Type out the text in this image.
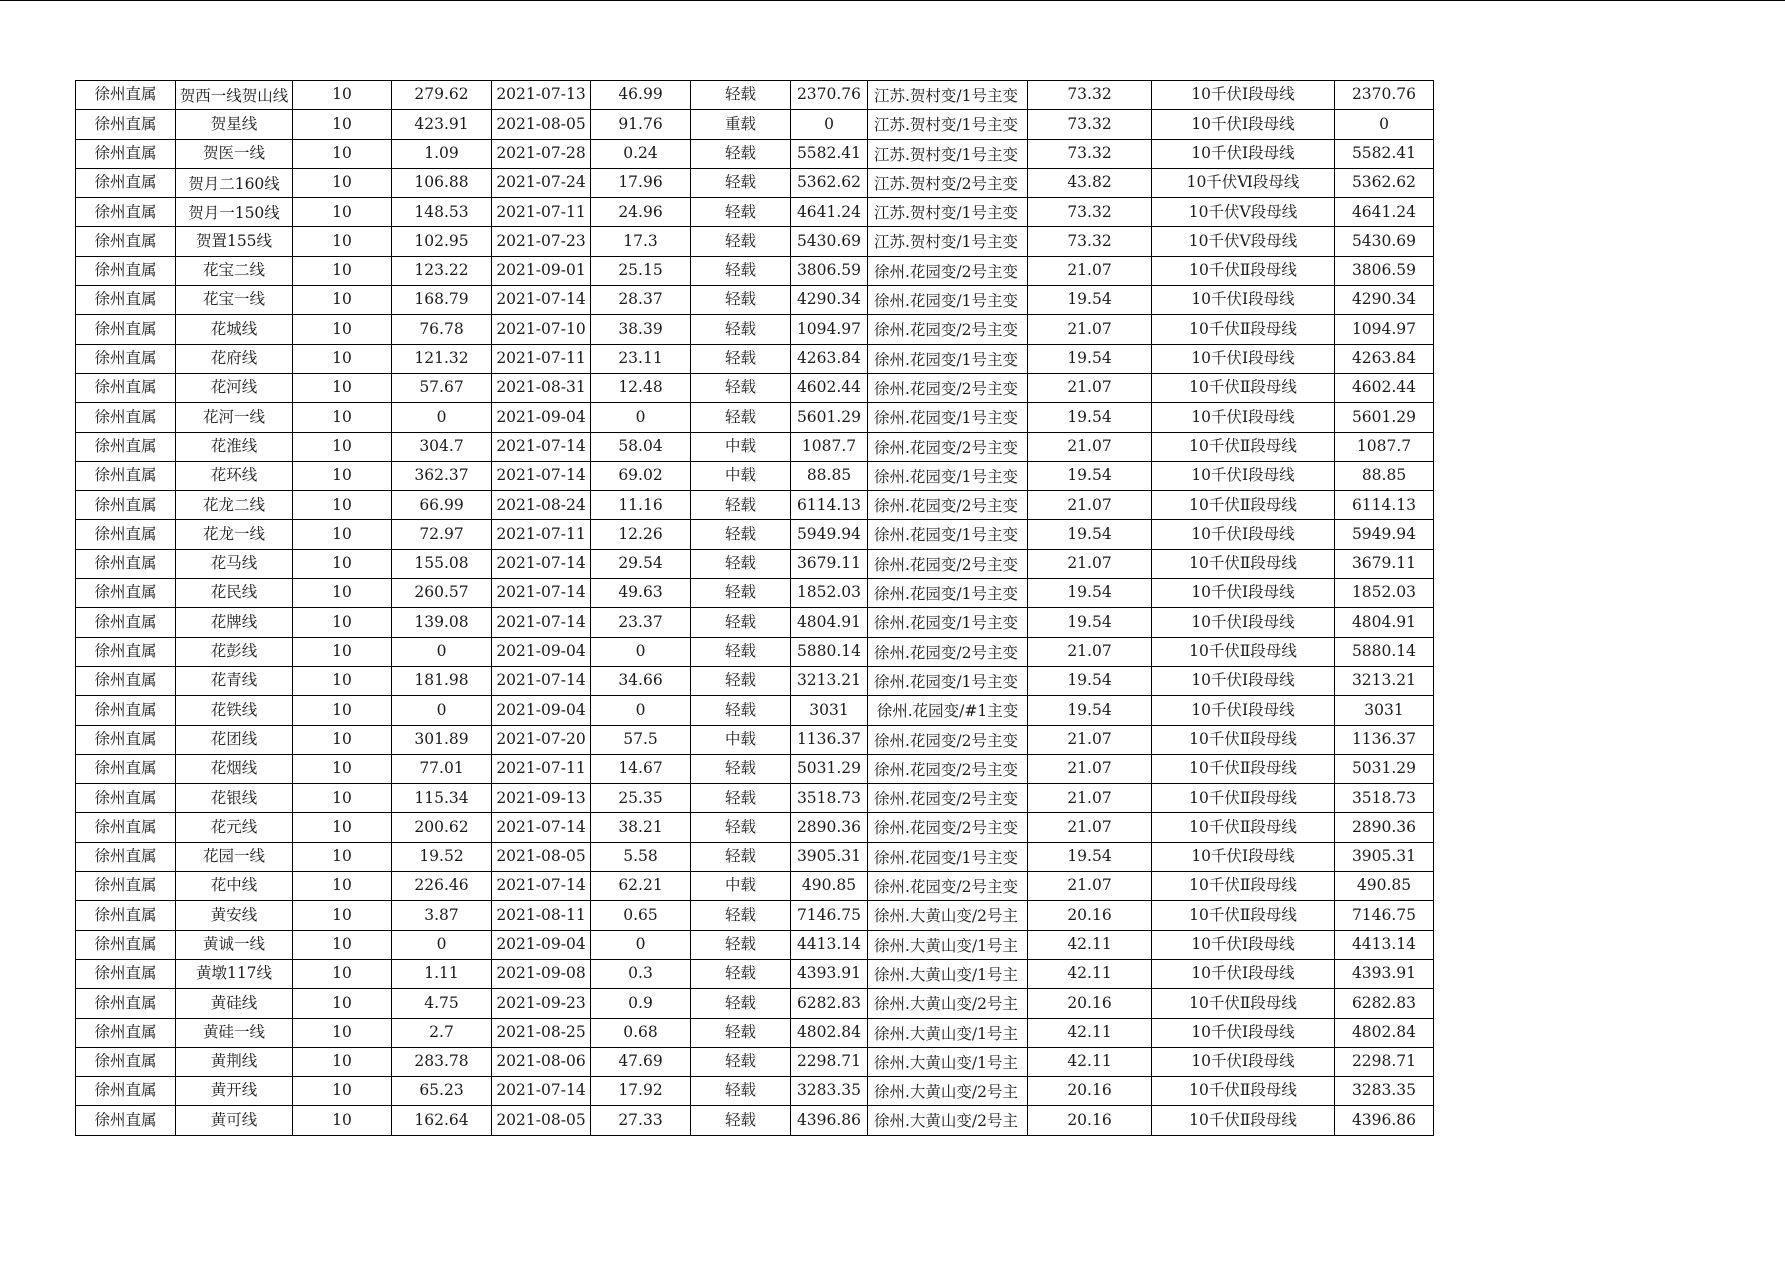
徐州直属	贺西一线贺山线	10	279.62	2021-07-13	46.99	轻载	2370.76	江苏.贺村变/1号主变	73.32	10千伏Ⅰ段母线	2370.76
徐州直属	贺星线	10	423.91	2021-08-05	91.76	重载	0	江苏.贺村变/1号主变	73.32	10千伏Ⅰ段母线	0
徐州直属	贺医一线	10	1.09	2021-07-28	0.24	轻载	5582.41	江苏.贺村变/1号主变	73.32	10千伏Ⅰ段母线	5582.41
徐州直属	贺月二160线	10	106.88	2021-07-24	17.96	轻载	5362.62	江苏.贺村变/2号主变	43.82	10千伏Ⅵ段母线	5362.62
徐州直属	贺月一150线	10	148.53	2021-07-11	24.96	轻载	4641.24	江苏.贺村变/1号主变	73.32	10千伏Ⅴ段母线	4641.24
徐州直属	贺置155线	10	102.95	2021-07-23	17.3	轻载	5430.69	江苏.贺村变/1号主变	73.32	10千伏Ⅴ段母线	5430.69
徐州直属	花宝二线	10	123.22	2021-09-01	25.15	轻载	3806.59	徐州.花园变/2号主变	21.07	10千伏Ⅱ段母线	3806.59
徐州直属	花宝一线	10	168.79	2021-07-14	28.37	轻载	4290.34	徐州.花园变/1号主变	19.54	10千伏Ⅰ段母线	4290.34
徐州直属	花城线	10	76.78	2021-07-10	38.39	轻载	1094.97	徐州.花园变/2号主变	21.07	10千伏Ⅱ段母线	1094.97
徐州直属	花府线	10	121.32	2021-07-11	23.11	轻载	4263.84	徐州.花园变/1号主变	19.54	10千伏Ⅰ段母线	4263.84
徐州直属	花河线	10	57.67	2021-08-31	12.48	轻载	4602.44	徐州.花园变/2号主变	21.07	10千伏Ⅱ段母线	4602.44
徐州直属	花河一线	10	0	2021-09-04	0	轻载	5601.29	徐州.花园变/1号主变	19.54	10千伏Ⅰ段母线	5601.29
徐州直属	花淮线	10	304.7	2021-07-14	58.04	中载	1087.7	徐州.花园变/2号主变	21.07	10千伏Ⅱ段母线	1087.7
徐州直属	花环线	10	362.37	2021-07-14	69.02	中载	88.85	徐州.花园变/1号主变	19.54	10千伏Ⅰ段母线	88.85
徐州直属	花龙二线	10	66.99	2021-08-24	11.16	轻载	6114.13	徐州.花园变/2号主变	21.07	10千伏Ⅱ段母线	6114.13
徐州直属	花龙一线	10	72.97	2021-07-11	12.26	轻载	5949.94	徐州.花园变/1号主变	19.54	10千伏Ⅰ段母线	5949.94
徐州直属	花马线	10	155.08	2021-07-14	29.54	轻载	3679.11	徐州.花园变/2号主变	21.07	10千伏Ⅱ段母线	3679.11
徐州直属	花民线	10	260.57	2021-07-14	49.63	轻载	1852.03	徐州.花园变/1号主变	19.54	10千伏Ⅰ段母线	1852.03
徐州直属	花牌线	10	139.08	2021-07-14	23.37	轻载	4804.91	徐州.花园变/1号主变	19.54	10千伏Ⅰ段母线	4804.91
徐州直属	花彭线	10	0	2021-09-04	0	轻载	5880.14	徐州.花园变/2号主变	21.07	10千伏Ⅱ段母线	5880.14
徐州直属	花青线	10	181.98	2021-07-14	34.66	轻载	3213.21	徐州.花园变/1号主变	19.54	10千伏Ⅰ段母线	3213.21
徐州直属	花铁线	10	0	2021-09-04	0	轻载	3031	徐州.花园变/#1主变	19.54	10千伏Ⅰ段母线	3031
徐州直属	花团线	10	301.89	2021-07-20	57.5	中载	1136.37	徐州.花园变/2号主变	21.07	10千伏Ⅱ段母线	1136.37
徐州直属	花烟线	10	77.01	2021-07-11	14.67	轻载	5031.29	徐州.花园变/2号主变	21.07	10千伏Ⅱ段母线	5031.29
徐州直属	花银线	10	115.34	2021-09-13	25.35	轻载	3518.73	徐州.花园变/2号主变	21.07	10千伏Ⅱ段母线	3518.73
徐州直属	花元线	10	200.62	2021-07-14	38.21	轻载	2890.36	徐州.花园变/2号主变	21.07	10千伏Ⅱ段母线	2890.36
徐州直属	花园一线	10	19.52	2021-08-05	5.58	轻载	3905.31	徐州.花园变/1号主变	19.54	10千伏Ⅰ段母线	3905.31
徐州直属	花中线	10	226.46	2021-07-14	62.21	中载	490.85	徐州.花园变/2号主变	21.07	10千伏Ⅱ段母线	490.85
徐州直属	黄安线	10	3.87	2021-08-11	0.65	轻载	7146.75	徐州.大黄山变/2号主	20.16	10千伏Ⅱ段母线	7146.75
徐州直属	黄诚一线	10	0	2021-09-04	0	轻载	4413.14	徐州.大黄山变/1号主	42.11	10千伏Ⅰ段母线	4413.14
徐州直属	黄墩117线	10	1.11	2021-09-08	0.3	轻载	4393.91	徐州.大黄山变/1号主	42.11	10千伏Ⅰ段母线	4393.91
徐州直属	黄硅线	10	4.75	2021-09-23	0.9	轻载	6282.83	徐州.大黄山变/2号主	20.16	10千伏Ⅱ段母线	6282.83
徐州直属	黄硅一线	10	2.7	2021-08-25	0.68	轻载	4802.84	徐州.大黄山变/1号主	42.11	10千伏Ⅰ段母线	4802.84
徐州直属	黄荆线	10	283.78	2021-08-06	47.69	轻载	2298.71	徐州.大黄山变/1号主	42.11	10千伏Ⅰ段母线	2298.71
徐州直属	黄开线	10	65.23	2021-07-14	17.92	轻载	3283.35	徐州.大黄山变/2号主	20.16	10千伏Ⅱ段母线	3283.35
徐州直属	黄可线	10	162.64	2021-08-05	27.33	轻载	4396.86	徐州.大黄山变/2号主	20.16	10千伏Ⅱ段母线	4396.86
